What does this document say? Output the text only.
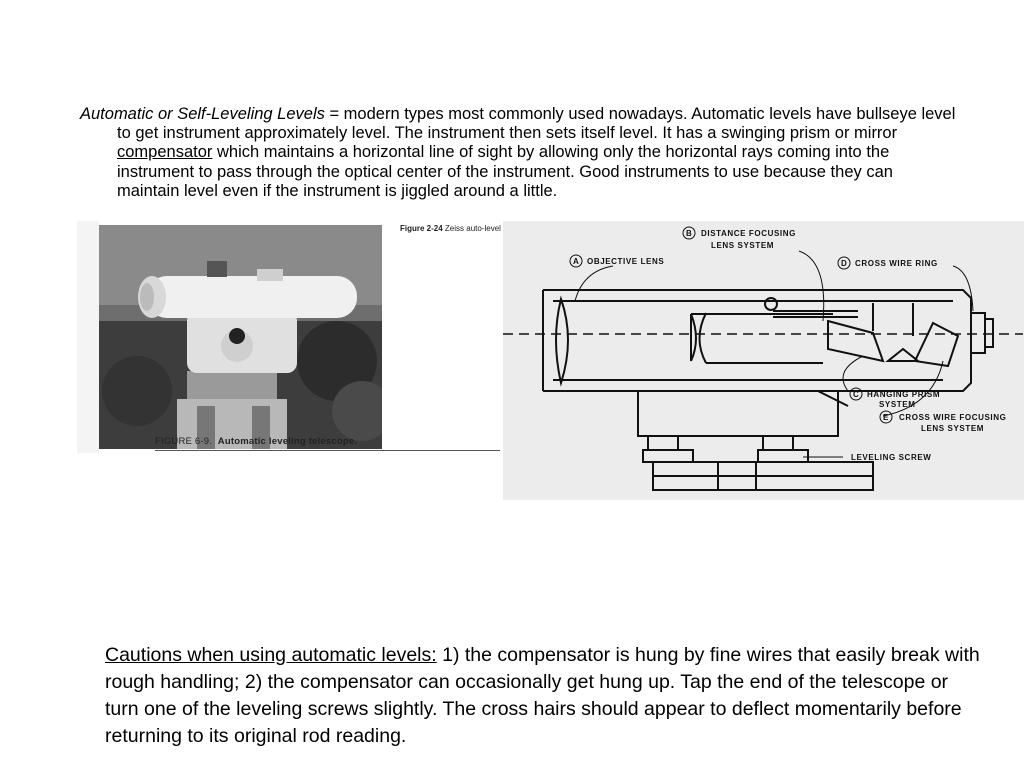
Automatic or Self-Leveling Levels = modern types most commonly used nowadays. Automatic levels have bullseye level to get instrument approximately level. The instrument then sets itself level. It has a swinging prism or mirror compensator which maintains a horizontal line of sight by allowing only the horizontal rays coming into the instrument to pass through the optical center of the instrument. Good instruments to use because they can maintain level even if the instrument is jiggled around a little.

Figure 2-24 Zeiss auto-level
FIGURE 6-9. Automatic leveling telescope.
A OBJECTIVE LENS
B DISTANCE FOCUSING
LENS SYSTEM
D CROSS WIRE RING
C HANGING PRISM
SYSTEM
E CROSS WIRE FOCUSING
LENS SYSTEM
LEVELING SCREW

Cautions when using automatic levels: 1) the compensator is hung by fine wires that easily break with rough handling; 2) the compensator can occasionally get hung up. Tap the end of the telescope or turn one of the leveling screws slightly. The cross hairs should appear to deflect momentarily before returning to its original rod reading.
